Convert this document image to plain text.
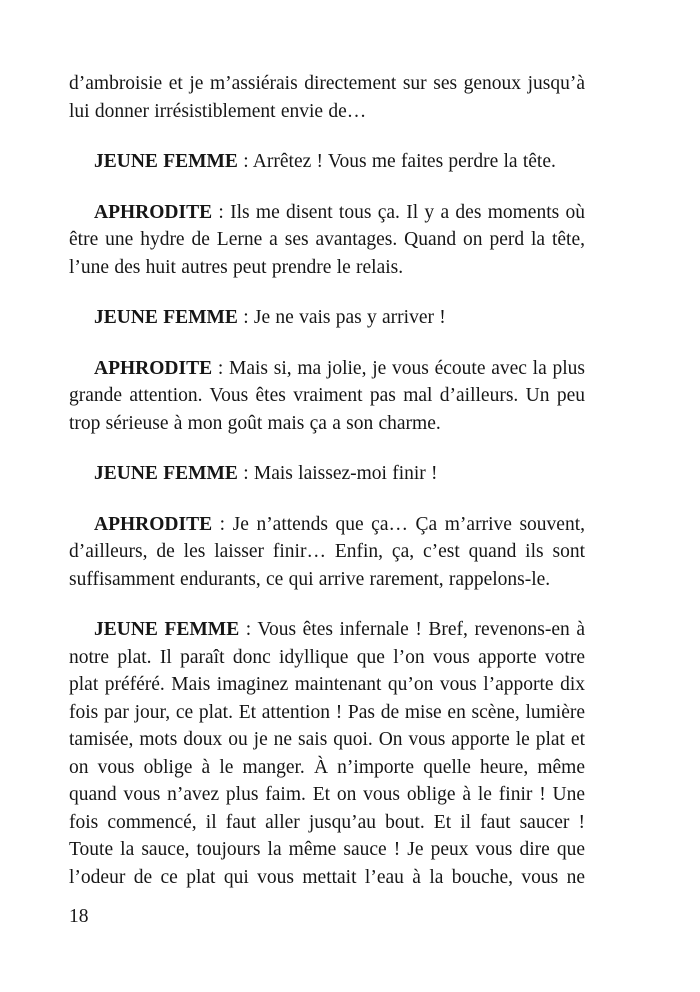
d’ambroisie et je m’assiérais directement sur ses genoux jusqu’à lui donner irrésistiblement envie de…

JEUNE FEMME : Arrêtez ! Vous me faites perdre la tête.

APHRODITE : Ils me disent tous ça. Il y a des moments où être une hydre de Lerne a ses avantages. Quand on perd la tête, l’une des huit autres peut prendre le relais.

JEUNE FEMME : Je ne vais pas y arriver !

APHRODITE : Mais si, ma jolie, je vous écoute avec la plus grande attention. Vous êtes vraiment pas mal d’ailleurs. Un peu trop sérieuse à mon goût mais ça a son charme.

JEUNE FEMME : Mais laissez-moi finir !

APHRODITE : Je n’attends que ça… Ça m’arrive souvent, d’ailleurs, de les laisser finir… Enfin, ça, c’est quand ils sont suffisamment endurants, ce qui arrive rarement, rappelons-le.

JEUNE FEMME : Vous êtes infernale ! Bref, revenons-en à notre plat. Il paraît donc idyllique que l’on vous apporte votre plat préféré. Mais imaginez maintenant qu’on vous l’apporte dix fois par jour, ce plat. Et attention ! Pas de mise en scène, lumière tamisée, mots doux ou je ne sais quoi. On vous apporte le plat et on vous oblige à le manger. À n’importe quelle heure, même quand vous n’avez plus faim. Et on vous oblige à le finir ! Une fois commencé, il faut aller jusqu’au bout. Et il faut saucer ! Toute la sauce, toujours la même sauce ! Je peux vous dire que l’odeur de ce plat qui vous mettait l’eau à la bouche, vous ne

18
